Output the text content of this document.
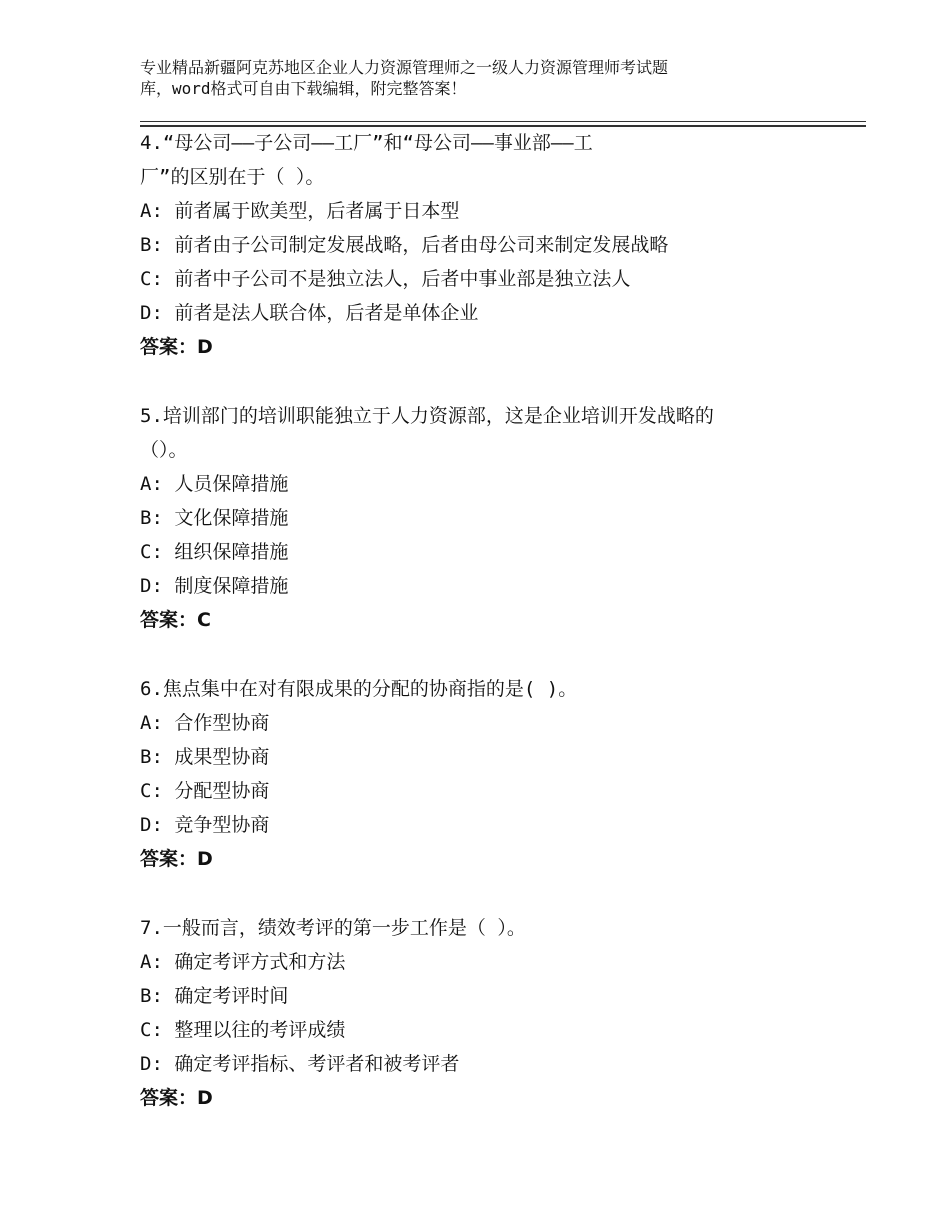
专业精品新疆阿克苏地区企业人力资源管理师之一级人力资源管理师考试题
库，word格式可自由下载编辑，附完整答案！
4.“母公司——子公司——工厂”和“母公司——事业部——工
厂”的区别在于（ ）。
A: 前者属于欧美型，后者属于日本型
B: 前者由子公司制定发展战略，后者由母公司来制定发展战略
C: 前者中子公司不是独立法人，后者中事业部是独立法人
D: 前者是法人联合体，后者是单体企业
答案：D
5.培训部门的培训职能独立于人力资源部，这是企业培训开发战略的
（）。
A: 人员保障措施
B: 文化保障措施
C: 组织保障措施
D: 制度保障措施
答案：C
6.焦点集中在对有限成果的分配的协商指的是( )。
A: 合作型协商
B: 成果型协商
C: 分配型协商
D: 竞争型协商
答案：D
7.一般而言，绩效考评的第一步工作是（ ）。
A: 确定考评方式和方法
B: 确定考评时间
C: 整理以往的考评成绩
D: 确定考评指标、考评者和被考评者
答案：D
